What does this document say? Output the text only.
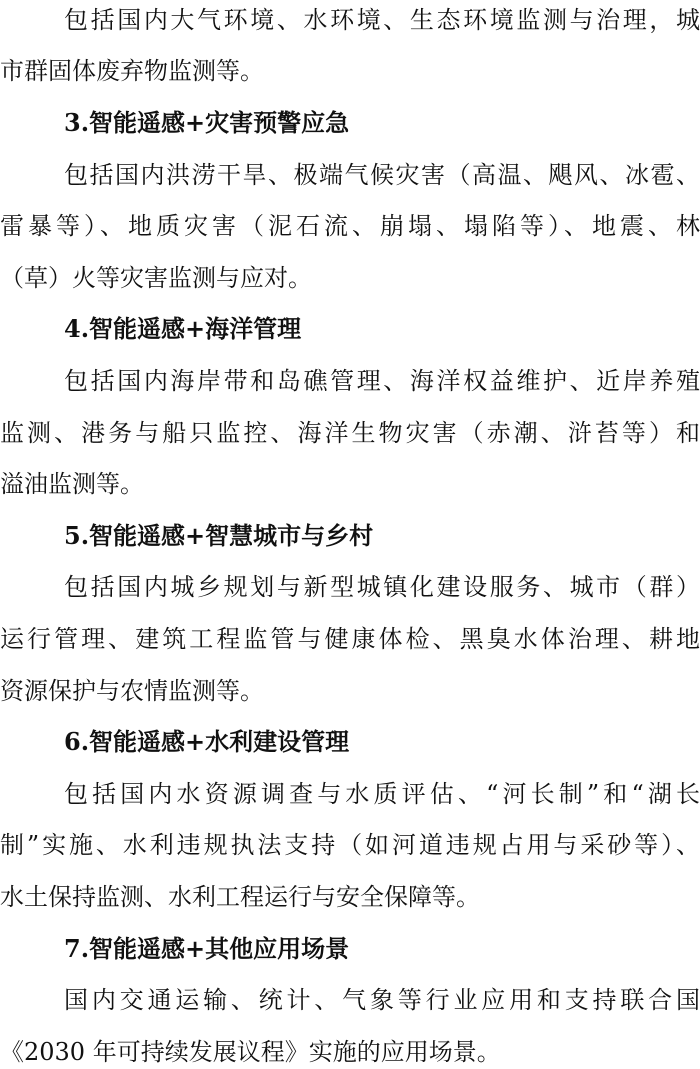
包括国内大气环境、水环境、生态环境监测与治理，城
市群固体废弃物监测等。
3.智能遥感+灾害预警应急
包括国内洪涝干旱、极端气候灾害（高温、飓风、冰雹、
雷暴等）、地质灾害（泥石流、崩塌、塌陷等）、地震、林
（草）火等灾害监测与应对。
4.智能遥感+海洋管理
包括国内海岸带和岛礁管理、海洋权益维护、近岸养殖
监测、港务与船只监控、海洋生物灾害（赤潮、浒苔等）和
溢油监测等。
5.智能遥感+智慧城市与乡村
包括国内城乡规划与新型城镇化建设服务、城市（群）
运行管理、建筑工程监管与健康体检、黑臭水体治理、耕地
资源保护与农情监测等。
6.智能遥感+水利建设管理
包括国内水资源调查与水质评估、“河长制”和“湖长
制”实施、水利违规执法支持（如河道违规占用与采砂等）、
水土保持监测、水利工程运行与安全保障等。
7.智能遥感+其他应用场景
国内交通运输、统计、气象等行业应用和支持联合国
《2030 年可持续发展议程》实施的应用场景。
